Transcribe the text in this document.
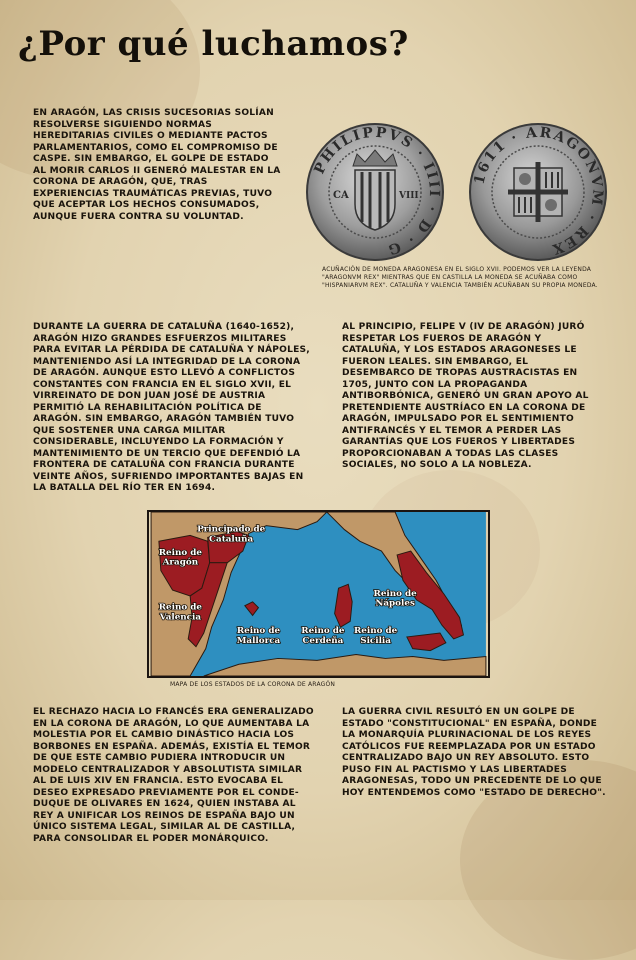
¿Por qué luchamos?

EN ARAGÓN, LAS CRISIS SUCESORIAS SOLÍAN RESOLVERSE SIGUIENDO NORMAS HEREDITARIAS CIVILES O MEDIANTE PACTOS PARLAMENTARIOS, COMO EL COMPROMISO DE CASPE. SIN EMBARGO, EL GOLPE DE ESTADO AL MORIR CARLOS II GENERÓ MALESTAR EN LA CORONA DE ARAGÓN, QUE, TRAS EXPERIENCIAS TRAUMÁTICAS PREVIAS, TUVO QUE ACEPTAR LOS HECHOS CONSUMADOS, AUNQUE FUERA CONTRA SU VOLUNTAD.

PHILIPPVS · IIII · D · G
CA	VIII
1611 · ARAGONVM · REX

ACUÑACIÓN DE MONEDA ARAGONESA EN EL SIGLO XVII. PODEMOS VER LA LEYENDA "ARAGONVM REX" MIENTRAS QUE EN CASTILLA LA MONEDA SE ACUÑABA COMO "HISPANIARVM REX". CATALUÑA Y VALENCIA TAMBIÉN ACUÑABAN SU PROPIA MONEDA.

DURANTE LA GUERRA DE CATALUÑA (1640-1652), ARAGÓN HIZO GRANDES ESFUERZOS MILITARES PARA EVITAR LA PÉRDIDA DE CATALUÑA Y NÁPOLES, MANTENIENDO ASÍ LA INTEGRIDAD DE LA CORONA DE ARAGÓN. AUNQUE ESTO LLEVÓ A CONFLICTOS CONSTANTES CON FRANCIA EN EL SIGLO XVII, EL VIRREINATO DE DON JUAN JOSÉ DE AUSTRIA PERMITIÓ LA REHABILITACIÓN POLÍTICA DE ARAGÓN. SIN EMBARGO, ARAGÓN TAMBIÉN TUVO QUE SOSTENER UNA CARGA MILITAR CONSIDERABLE, INCLUYENDO LA FORMACIÓN Y MANTENIMIENTO DE UN TERCIO QUE DEFENDIÓ LA FRONTERA DE CATALUÑA CON FRANCIA DURANTE VEINTE AÑOS, SUFRIENDO IMPORTANTES BAJAS EN LA BATALLA DEL RÍO TER EN 1694.

AL PRINCIPIO, FELIPE V (IV DE ARAGÓN) JURÓ RESPETAR LOS FUEROS DE ARAGÓN Y CATALUÑA, Y LOS ESTADOS ARAGONESES LE FUERON LEALES. SIN EMBARGO, EL DESEMBARCO DE TROPAS AUSTRACISTAS EN 1705, JUNTO CON LA PROPAGANDA ANTIBORBÓNICA, GENERÓ UN GRAN APOYO AL PRETENDIENTE AUSTRÍACO EN LA CORONA DE ARAGÓN, IMPULSADO POR EL SENTIMIENTO ANTIFRANCÉS Y EL TEMOR A PERDER LAS GARANTÍAS QUE LOS FUEROS Y LIBERTADES PROPORCIONABAN A TODAS LAS CLASES SOCIALES, NO SOLO A LA NOBLEZA.

Principado de Cataluña
Reino de Aragón
Reino de Valencia
Reino de Mallorca
Reino de Cerdeña
Reino de Sicilia
Reino de Nápoles

MAPA DE LOS ESTADOS DE LA CORONA DE ARAGÓN

EL RECHAZO HACIA LO FRANCÉS ERA GENERALIZADO EN LA CORONA DE ARAGÓN, LO QUE AUMENTABA LA MOLESTIA POR EL CAMBIO DINÁSTICO HACIA LOS BORBONES EN ESPAÑA. ADEMÁS, EXISTÍA EL TEMOR DE QUE ESTE CAMBIO PUDIERA INTRODUCIR UN MODELO CENTRALIZADOR Y ABSOLUTISTA SIMILAR AL DE LUIS XIV EN FRANCIA. ESTO EVOCABA EL DESEO EXPRESADO PREVIAMENTE POR EL CONDE-DUQUE DE OLIVARES EN 1624, QUIEN INSTABA AL REY A UNIFICAR LOS REINOS DE ESPAÑA BAJO UN ÚNICO SISTEMA LEGAL, SIMILAR AL DE CASTILLA, PARA CONSOLIDAR EL PODER MONÁRQUICO.

LA GUERRA CIVIL RESULTÓ EN UN GOLPE DE ESTADO "CONSTITUCIONAL" EN ESPAÑA, DONDE LA MONARQUÍA PLURINACIONAL DE LOS REYES CATÓLICOS FUE REEMPLAZADA POR UN ESTADO CENTRALIZADO BAJO UN REY ABSOLUTO. ESTO PUSO FIN AL PACTISMO Y LAS LIBERTADES ARAGONESAS, TODO UN PRECEDENTE DE LO QUE HOY ENTENDEMOS COMO "ESTADO DE DERECHO".
